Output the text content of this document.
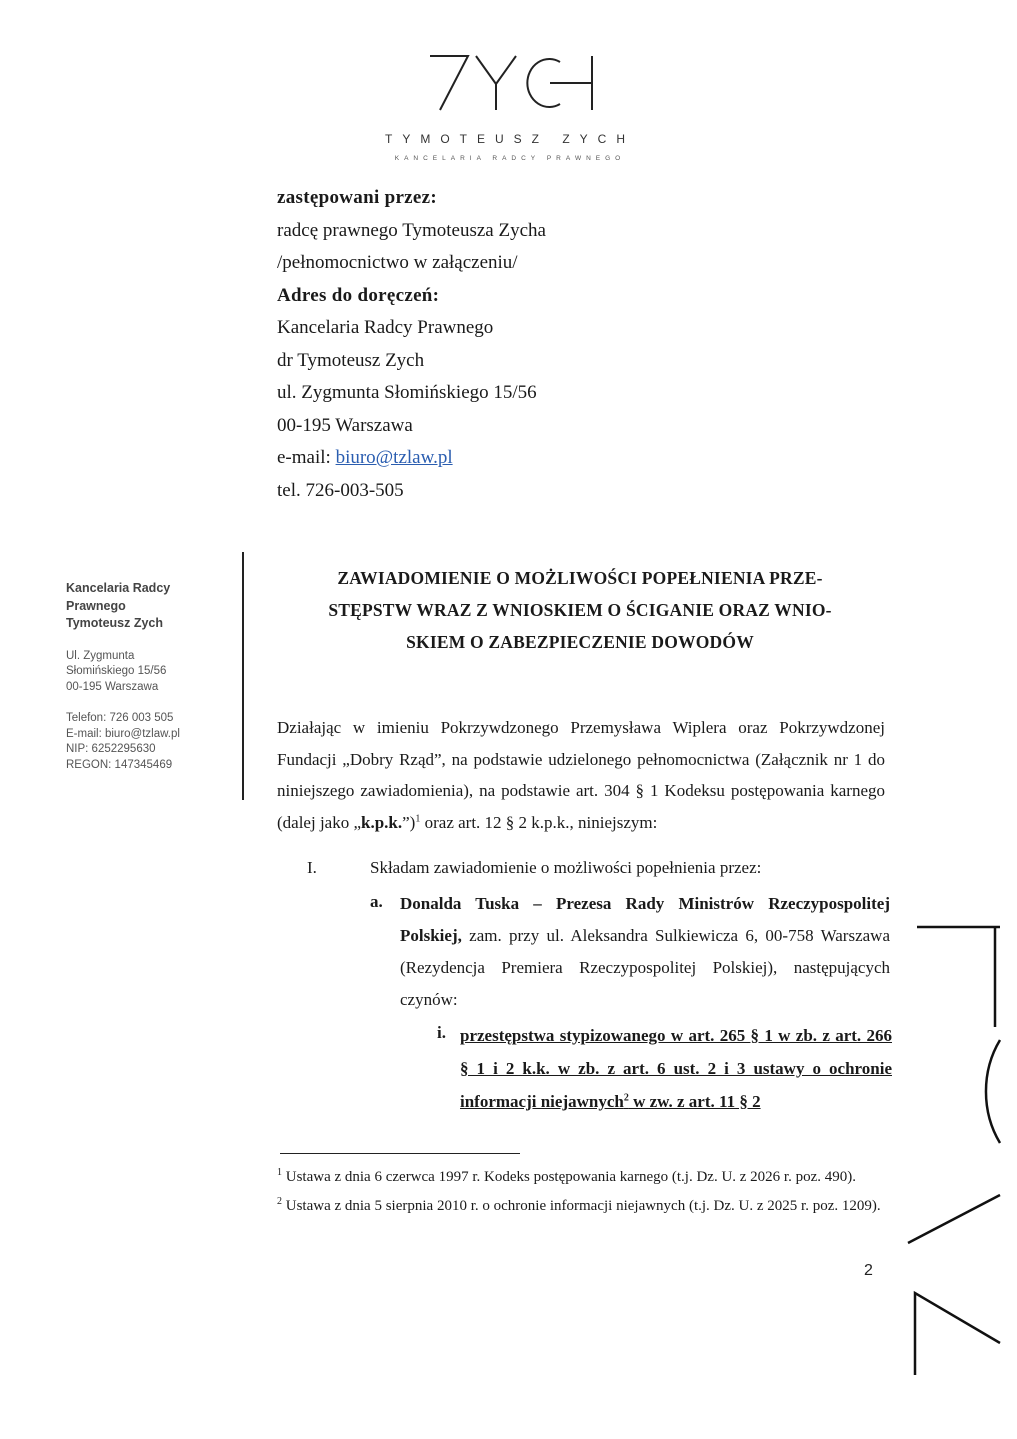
TYMOTEUSZ ZYCH
KANCELARIA RADCY PRAWNEGO
zastępowani przez:
radcę prawnego Tymoteusza Zycha
/pełnomocnictwo w załączeniu/
Adres do doręczeń:
Kancelaria Radcy Prawnego
dr Tymoteusz Zych
ul. Zygmunta Słomińskiego 15/56
00-195 Warszawa
e-mail: biuro@tzlaw.pl
tel. 726-003-505
Kancelaria Radcy
Prawnego
Tymoteusz Zych
Ul. Zygmunta
Słomińskiego 15/56
00-195 Warszawa
Telefon: 726 003 505
E-mail: biuro@tzlaw.pl
NIP: 6252295630
REGON: 147345469
ZAWIADOMIENIE O MOŻLIWOŚCI POPEŁNIENIA PRZE-
STĘPSTW WRAZ Z WNIOSKIEM O ŚCIGANIE ORAZ WNIO-
SKIEM O ZABEZPIECZENIE DOWODÓW
Działając w imieniu Pokrzywdzonego Przemysława Wiplera oraz Pokrzywdzonej Fundacji „Dobry Rząd”, na podstawie udzielonego pełnomocnictwa (Załącznik nr 1 do niniejszego zawiadomienia), na podstawie art. 304 § 1 Kodeksu postępowania karnego (dalej jako „k.p.k.”)$^1$ oraz art. 12 § 2 k.p.k., niniejszym:
I.	Składam zawiadomienie o możliwości popełnienia przez:
a. Donalda Tuska – Prezesa Rady Ministrów Rzeczypospolitej Polskiej, zam. przy ul. Aleksandra Sulkiewicza 6, 00-758 Warszawa (Rezydencja Premiera Rzeczypospolitej Polskiej), następujących czynów:
i. przestępstwa stypizowanego w art. 265 § 1 w zb. z art. 266 § 1 i 2 k.k. w zb. z art. 6 ust. 2 i 3 ustawy o ochronie informacji niejawnych$^2$ w zw. z art. 11 § 2
$^1$ Ustawa z dnia 6 czerwca 1997 r. Kodeks postępowania karnego (t.j. Dz. U. z 2026 r. poz. 490).
$^2$ Ustawa z dnia 5 sierpnia 2010 r. o ochronie informacji niejawnych (t.j. Dz. U. z 2025 r. poz. 1209).
2
